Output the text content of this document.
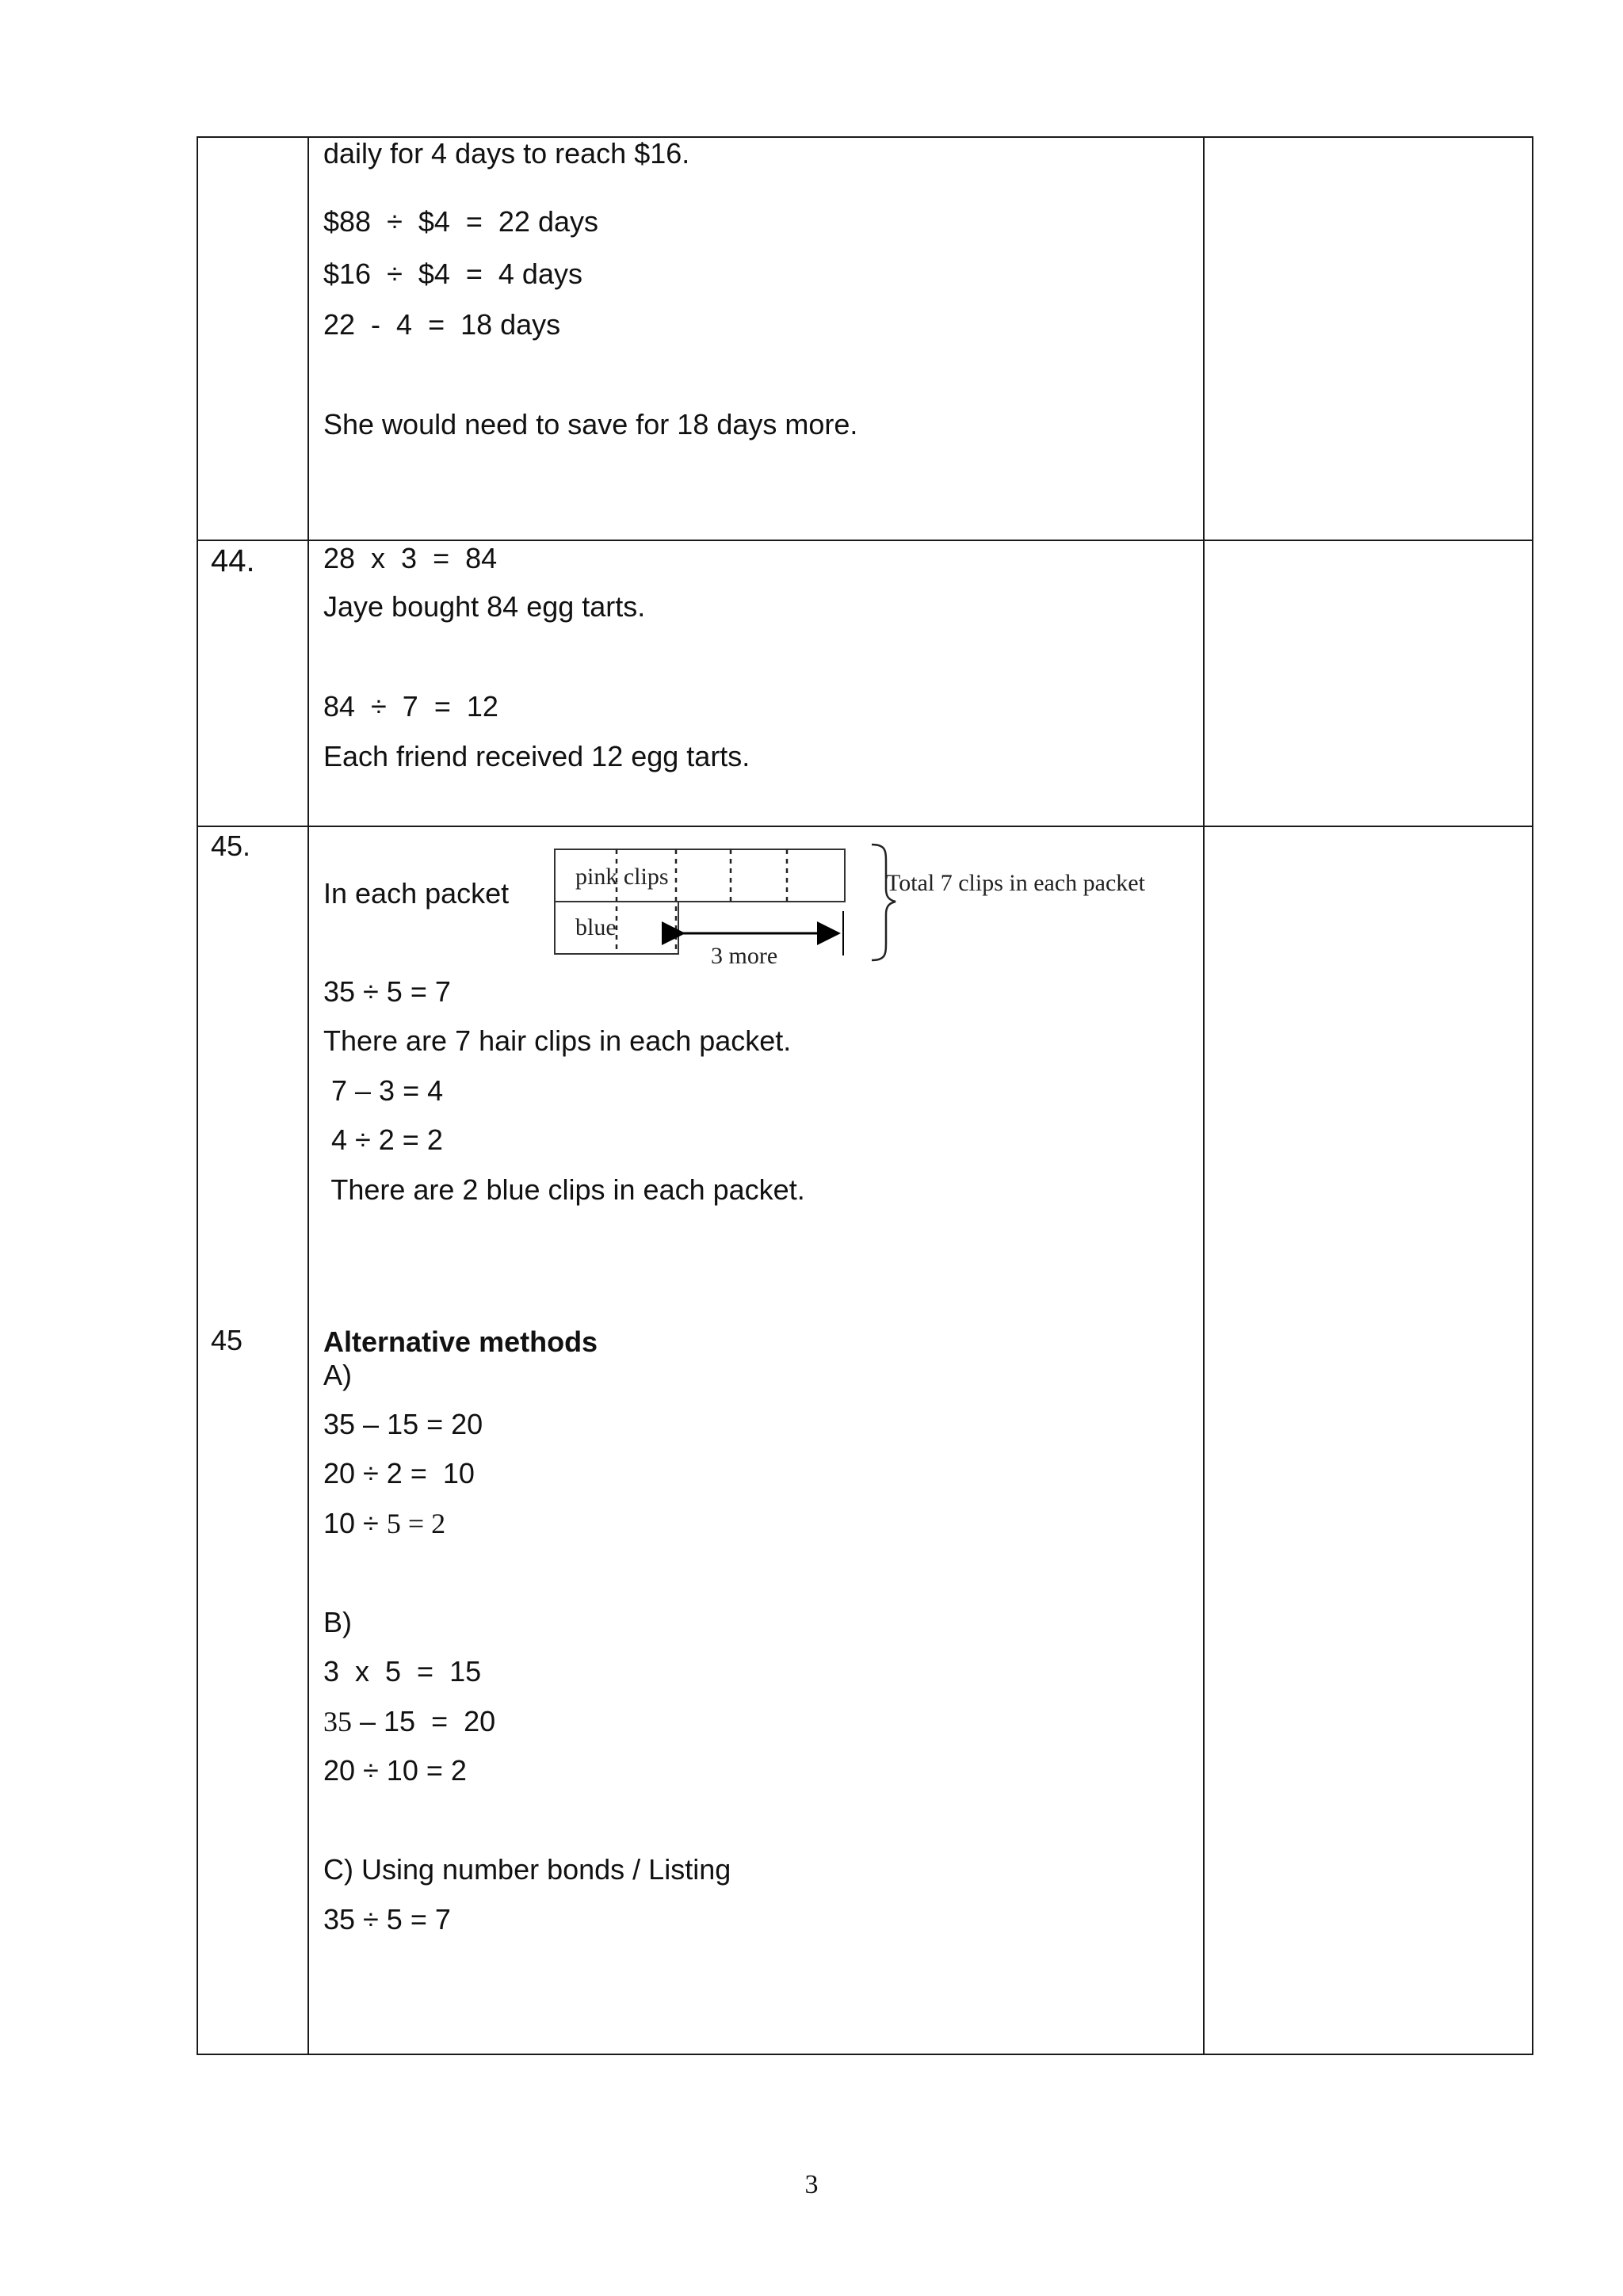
daily for 4 days to reach $16.
$88  ÷  $4  =  22 days
$16  ÷  $4  =  4 days
22  -  4  =  18 days
She would need to save for 18 days more.
44. 28  x  3  =  84
Jaye bought 84 egg tarts.
84  ÷  7  =  12
Each friend received 12 egg tarts.
45.
In each packet
pink clips
blue
3 more
Total 7 clips in each packet
35 ÷ 5 = 7
There are 7 hair clips in each packet.
7 – 3 = 4
4 ÷ 2 = 2
There are 2 blue clips in each packet.
45	Alternative methods
A)
35 – 15 = 20
20 ÷ 2 =  10
10 ÷ 5 = 2
B)
3  x  5  =  15
35 – 15  =  20
20 ÷ 10 = 2
C) Using number bonds / Listing
35 ÷ 5 = 7
3
